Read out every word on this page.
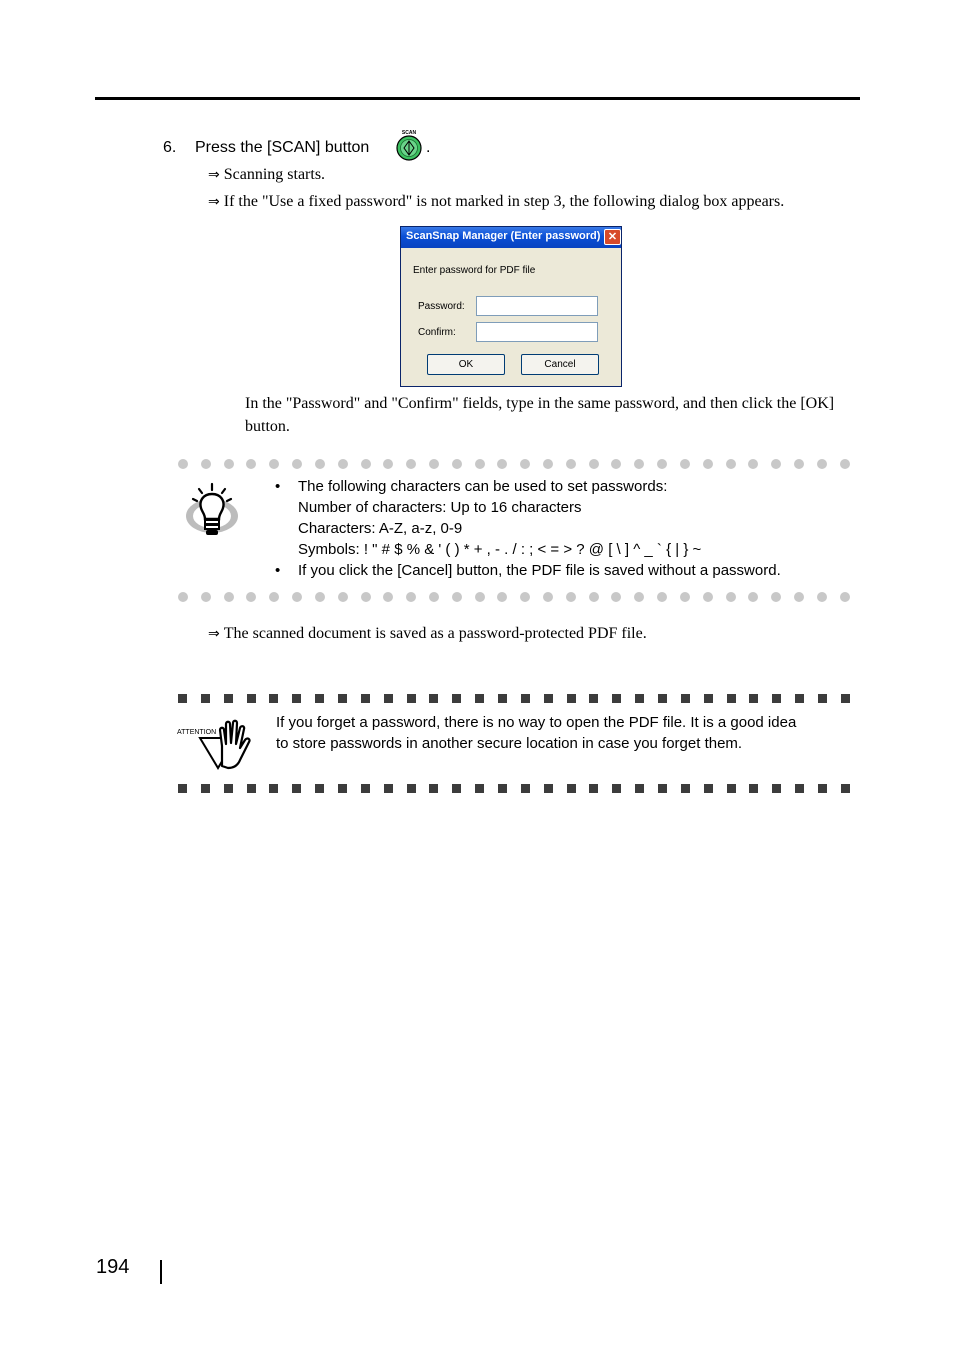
6. Press the [SCAN] button
SCAN
.
⇒ Scanning starts.
⇒ If the "Use a fixed password" is not marked in step 3, the following dialog box appears.
ScanSnap Manager (Enter password) ✕
Enter password for PDF file
Password:
Confirm:
OK	Cancel
In the "Password" and "Confirm" fields, type in the same password, and then click the [OK] button.
•	The following characters can be used to set passwords:
Number of characters: Up to 16 characters
Characters: A-Z, a-z, 0-9
Symbols: ! " # $ % & ' ( ) * + , - . / : ; < = > ? @ [ \ ] ^ _ ` { | } ~
•	If you click the [Cancel] button, the PDF file is saved without a password.
⇒ The scanned document is saved as a password-protected PDF file.
ATTENTION
If you forget a password, there is no way to open the PDF file. It is a good idea
to store passwords in another secure location in case you forget them.
194
